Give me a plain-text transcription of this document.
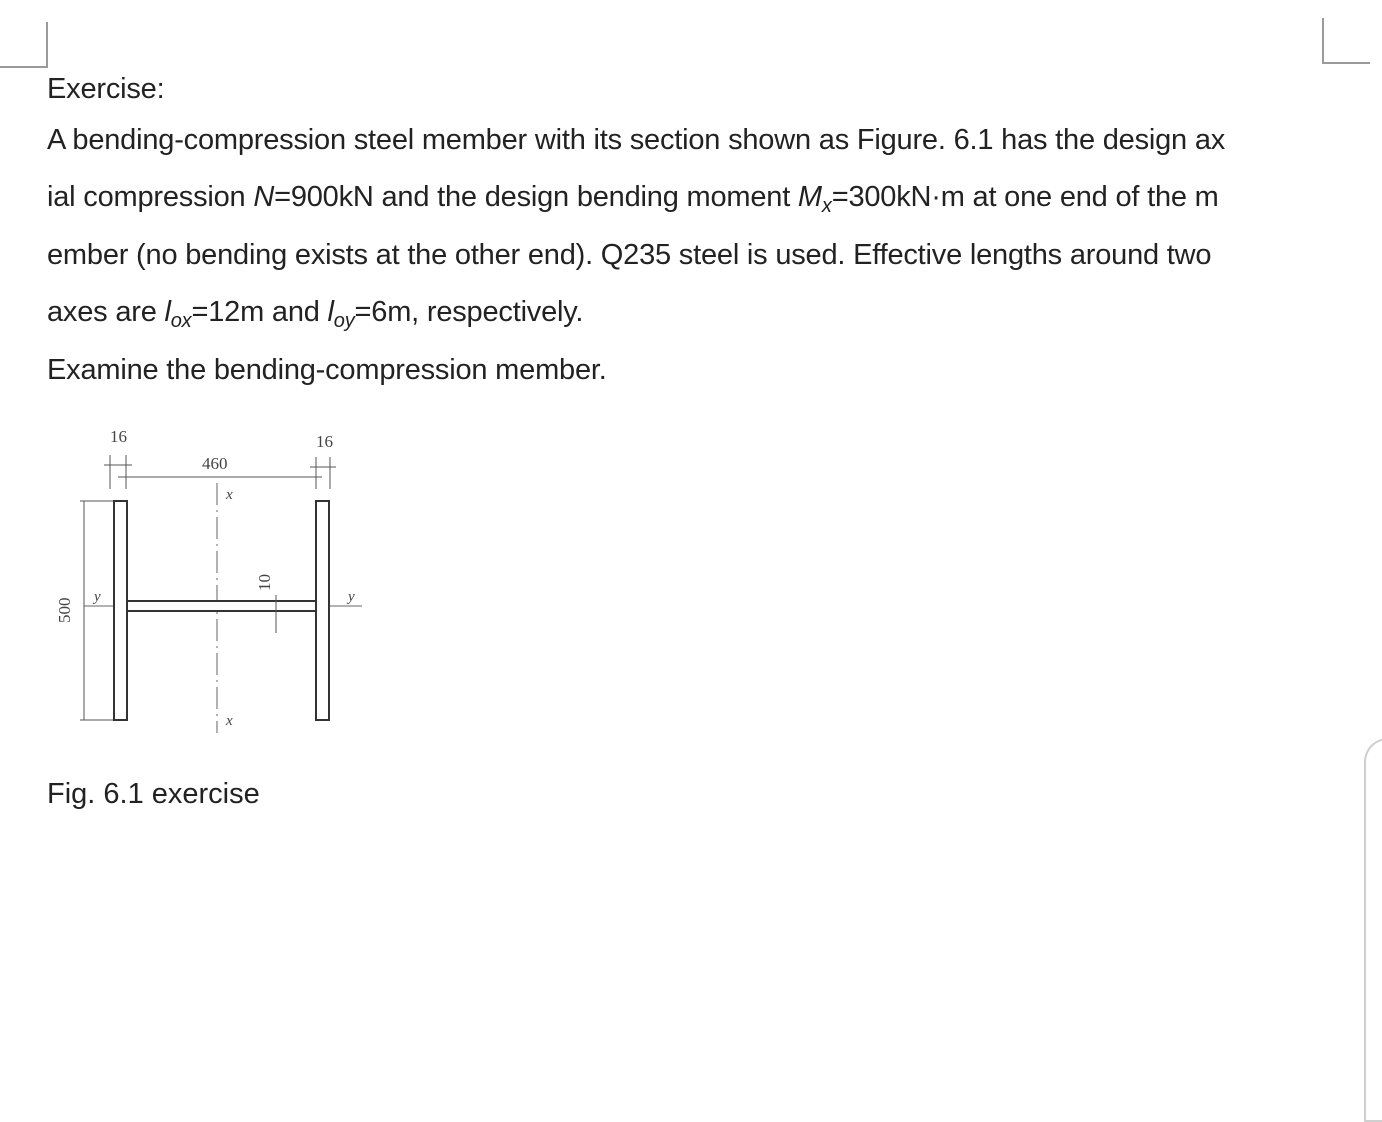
Exercise:
A bending-compression steel member with its section shown as Figure. 6.1 has the design ax
ial compression N=900kN and the design bending moment $M_x=300kN\cdot m$ at one end of the m
ember (no bending exists at the other end). Q235 steel is used. Effective lengths around two
axes are $l_{ox}=12m$ and $l_{oy}=6m$, respectively.
Examine the bending-compression member.
16	16
460
x
x
y	y
500
10
Fig. 6.1 exercise
